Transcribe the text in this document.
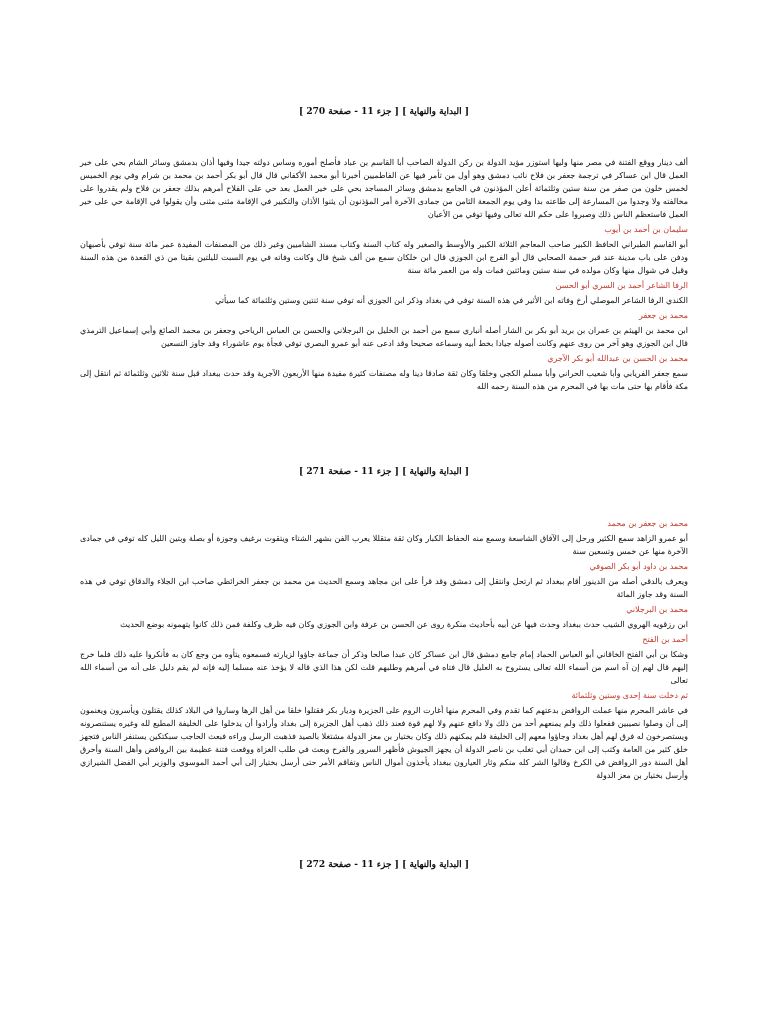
[ البداية والنهاية ] [ جزء 11 - صفحة 270 ]

ألف دينار ووقع الفتنة في مصر منها وليها استوزر مؤيد الدولة بن ركن الدولة الصاحب أبا القاسم بن عباد فأصلح أموره وساس دولته جيدا وفيها أذان بدمشق وسائر الشام بحي على خير العمل قال ابن عساكر في ترجمة جعفر بن فلاح نائب دمشق وهو أول من تأمر فيها عن الفاطميين أخبرنا أبو محمد الأكفاني قال قال أبو بكر أحمد بن محمد بن شرام وفي يوم الخميس لخمس خلون من صفر من سنة ستين وثلثمائة أعلن المؤذنون في الجامع بدمشق وسائر المساجد بحي على خير العمل بعد حي على الفلاح أمرهم بذلك جعفر بن فلاح ولم يقدروا على مخالفته ولا وجدوا من المسارعة إلى طاعته بدا وفي يوم الجمعة الثامن من جمادى الآخرة أمر المؤذنون أن يثنوا الأذان والتكبير في الإقامة مثنى مثنى وأن يقولوا في الإقامة حي على خير العمل فاستعظم الناس ذلك وصبروا على حكم الله تعالى وفيها توفي من الأعيان

سليمان بن أحمد بن أيوب

أبو القاسم الطبراني الحافظ الكبير صاحب المعاجم الثلاثة الكبير والأوسط والصغير وله كتاب السنة وكتاب مسند الشاميين وغير ذلك من المصنفات المفيدة عمر مائة سنة توفي بأصبهان ودفن على باب مدينة عند قبر حممة الصحابي قال أبو الفرج ابن الجوزي قال ابن خلكان سمع من ألف شيخ قال وكانت وفاته في يوم السبت لليلتين بقيتا من ذي القعدة من هذه السنة وقيل في شوال منها وكان مولده في سنة ستين ومائتين فمات وله من العمر مائة سنة

الرفا الشاعر أحمد بن السري أبو الحسن

الكندي الرفا الشاعر الموصلي أرخ وفاته ابن الأثير في هذه السنة توفي في بغداد وذكر ابن الجوزي أنه توفي سنة ثنتين وستين وثلثمائة كما سيأتي

محمد بن جعفر

ابن محمد بن الهيثم بن عمران بن بريد أبو بكر بن الشار أصله أنباري سمع من أحمد بن الخليل بن البرجلاني والحسن بن العباس الرياحي وجعفر بن محمد الصائغ وأبي إسماعيل الترمذي قال ابن الجوزي وهو آخر من روى عنهم وكانت أصوله جيادا بخط أبيه وسماعه صحيحا وقد ادعى عنه أبو عمرو البصري توفي فجأة يوم عاشوراء وقد جاوز التسعين

محمد بن الحسن بن عبدالله أبو بكر الآجري

سمع جعفر الفريابي وأبا شعيب الحراني وأبا مسلم الكجي وخلقا وكان ثقة صادقا دينا وله مصنفات كثيرة مفيدة منها الأربعون الآجرية وقد حدث ببغداد قبل سنة ثلاثين وثلثمائة ثم انتقل إلى مكة فأقام بها حتى مات بها في المحرم من هذه السنة رحمه الله

[ البداية والنهاية ] [ جزء 11 - صفحة 271 ]

محمد بن جعفر بن محمد

أبو عمرو الزاهد سمع الكثير ورحل إلى الآفاق الشاسعة وسمع منه الحفاظ الكبار وكان ثقة متقللا يعرب الفن بشهر الشتاء ويتقوت برغيف وجوزة أو بصلة وبتين الليل كله توفي في جمادى الآخرة منها عن خمس وتسعين سنة

محمد بن داود أبو بكر الصوفي

ويعرف بالدقي أصله من الدينور أقام ببغداد ثم ارتحل وانتقل إلى دمشق وقد قرأ على ابن مجاهد وسمع الحديث من محمد بن جعفر الخرائطي صاحب ابن الجلاء والدقاق توفي في هذه السنة وقد جاوز المائة

محمد بن البرجلاني

ابن رزقويه الهروي الشيب حدث ببغداد وحدث فيها عن أبيه بأحاديث منكرة روى عن الحسن بن عرفة وابن الجوزي وكان فيه ظرف وكلفة فمن ذلك كانوا يتهمونه بوضع الحديث

أحمد بن الفتح

وشكا بن أبي الفتح الخاقاني أبو العباس الحماد إمام جامع دمشق قال ابن عساكر كان عبدا صالحا وذكر أن جماعة جاؤوا لزيارته فسمعوه يتأوه من وجع كان به فأنكروا عليه ذلك فلما خرج إليهم قال لهم إن آه اسم من أسماء الله تعالى يستروح به العليل قال فتاه في أمرهم وطلبهم قلت لكن هذا الذي قاله لا يؤخذ عنه مسلما إليه فإنه لم يقم دليل على أنه من أسماء الله تعالى

ثم دخلت سنة إحدى وستين وثلثمائة

في عاشر المحرم منها عملت الروافض بدعتهم كما تقدم وفي المحرم منها أغارت الروم على الجزيرة وديار بكر فقتلوا خلقا من أهل الرها وساروا في البلاد كذلك يقتلون ويأسرون ويغنمون إلى أن وصلوا نصيبين ففعلوا ذلك ولم يمنعهم أحد من ذلك ولا دافع عنهم ولا لهم قوة فعند ذلك ذهب أهل الجزيرة إلى بغداد وأرادوا أن يدخلوا على الخليفة المطيع لله وغيره يستنصرونه ويستصرخون له فرق لهم أهل بغداد وجاؤوا معهم إلى الخليفة فلم يمكنهم ذلك وكان بختيار بن معز الدولة مشتغلا بالصيد فذهبت الرسل وراءه فبعث الحاجب سبكتكين يستنفر الناس فتجهز خلق كثير من العامة وكتب إلى ابن حمدان أبي تغلب بن ناصر الدولة أن يجهز الجيوش فأظهر السرور والفرح وبعث في طلب الغزاة ووقعت فتنة عظيمة بين الروافض وأهل السنة وأحرق أهل السنة دور الروافض في الكرخ وقالوا الشر كله منكم وثار العيارون ببغداد يأخذون أموال الناس وتفاقم الأمر حتى أرسل بختيار إلى أبي أحمد الموسوي والوزير أبي الفضل الشيرازي وأرسل بختيار بن معز الدولة

[ البداية والنهاية ] [ جزء 11 - صفحة 272 ]
